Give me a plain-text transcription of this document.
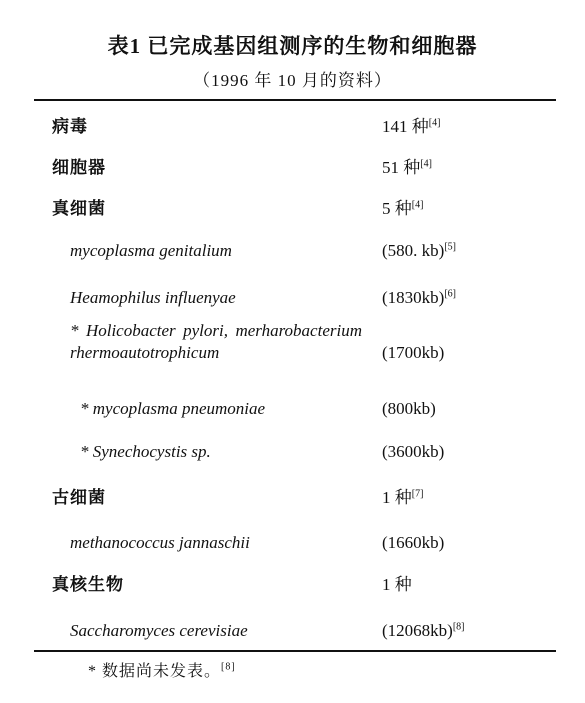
表1 已完成基因组测序的生物和细胞器
（1996 年 10 月的资料）
病毒	141 种[4]
细胞器	51 种[4]
真细菌	5 种[4]
mycoplasma genitalium	(580. kb)[5]
Heamophilus influenyae	(1830kb)[6]
* Holicobacter pylori, merharobacterium rhermoautotrophicum	(1700kb)
* mycoplasma pneumoniae	(800kb)
* Synechocystis sp.	(3600kb)
古细菌	1 种[7]
methanococcus jannaschii	(1660kb)
真核生物	1 种
Saccharomyces cerevisiae	(12068kb)[8]
* 数据尚未发表。[8]
